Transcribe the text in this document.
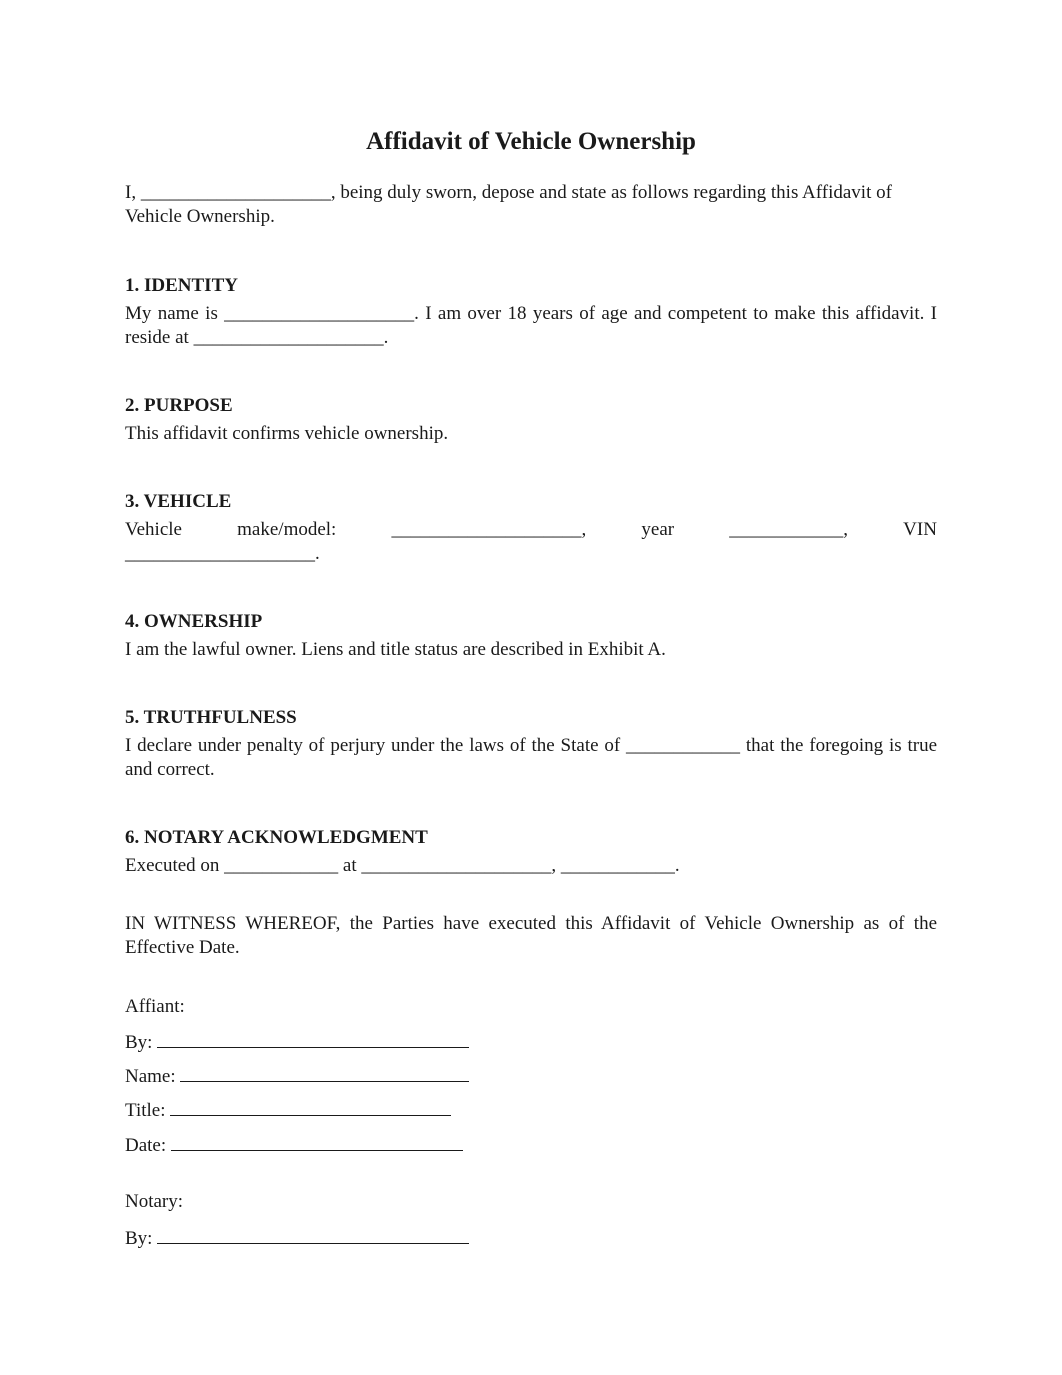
Affidavit of Vehicle Ownership

I, ____________________, being duly sworn, depose and state as follows regarding this Affidavit of Vehicle Ownership.

1. IDENTITY

My name is ____________________. I am over 18 years of age and competent to make this affidavit. I reside at ____________________.

2. PURPOSE

This affidavit confirms vehicle ownership.

3. VEHICLE
Vehicle	make/model:	____________________,	year	____________,	VIN

____________________.

4. OWNERSHIP

I am the lawful owner. Liens and title status are described in Exhibit A.

5. TRUTHFULNESS

I declare under penalty of perjury under the laws of the State of ____________ that the foregoing is true and correct.

6. NOTARY ACKNOWLEDGMENT

Executed on ____________ at ____________________, ____________.

IN WITNESS WHEREOF, the Parties have executed this Affidavit of Vehicle Ownership as of the Effective Date.

Affiant:

By:

Name:

Title:

Date:

Notary:

By:
